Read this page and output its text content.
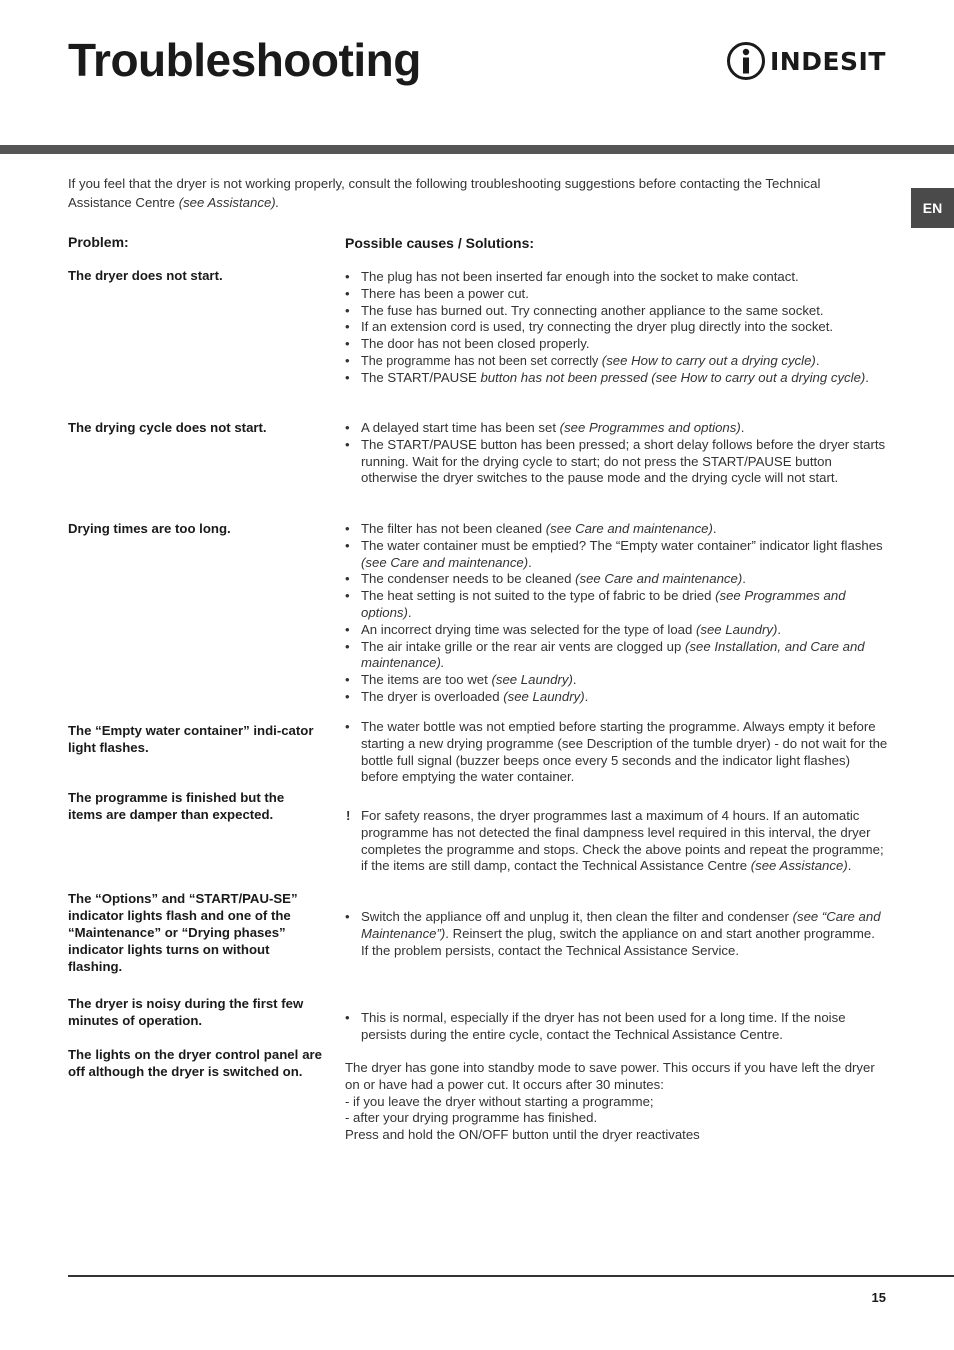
Troubleshooting	INDESIT
EN
If you feel that the dryer is not working properly, consult the following troubleshooting suggestions before contacting the Technical Assistance Centre (see Assistance).
Problem:	Possible causes / Solutions:
The dryer does not start.
The drying cycle does not start.
Drying times are too long.
The “Empty water container” indi-cator light flashes.
The programme is finished but the items are damper than expected.
The “Options” and “START/PAU-SE” indicator lights flash and one of the “Maintenance” or “Drying phases” indicator lights turns on without flashing.
The dryer is noisy during the first few minutes of operation.
The lights on the dryer control panel are off although the dryer is switched on.
• The plug has not been inserted far enough into the socket to make contact.
• There has been a power cut.
• The fuse has burned out. Try connecting another appliance to the same socket.
• If an extension cord is used, try connecting the dryer plug directly into the socket.
• The door has not been closed properly.
• The programme has not been set correctly (see How to carry out a drying cycle).
• The START/PAUSE button has not been pressed (see How to carry out a drying cycle).
• A delayed start time has been set (see Programmes and options).
• The START/PAUSE button has been pressed; a short delay follows before the dryer starts running. Wait for the drying cycle to start; do not press the START/PAUSE button otherwise the dryer switches to the pause mode and the drying cycle will not start.
• The filter has not been cleaned (see Care and maintenance).
• The water container must be emptied? The “Empty water container” indicator light flashes (see Care and maintenance).
• The condenser needs to be cleaned (see Care and maintenance).
• The heat setting is not suited to the type of fabric to be dried (see Programmes and options).
• An incorrect drying time was selected for the type of load (see Laundry).
• The air intake grille or the rear air vents are clogged up (see Installation, and Care and maintenance).
• The items are too wet (see Laundry).
• The dryer is overloaded (see Laundry).
• The water bottle was not emptied before starting the programme. Always empty it before starting a new drying programme (see Description of the tumble dryer) - do not wait for the bottle full signal (buzzer beeps once every 5 seconds and the indicator light flashes) before emptying the water container.
! For safety reasons, the dryer programmes last a maximum of 4 hours. If an automatic programme has not detected the final dampness level required in this interval, the dryer completes the programme and stops. Check the above points and repeat the programme; if the items are still damp, contact the Technical Assistance Centre (see Assistance).
• Switch the appliance off and unplug it, then clean the filter and condenser (see “Care and Maintenance”). Reinsert the plug, switch the appliance on and start another programme.
If the problem persists, contact the Technical Assistance Service.
• This is normal, especially if the dryer has not been used for a long time. If the noise persists during the entire cycle, contact the Technical Assistance Centre.
The dryer has gone into standby mode to save power. This occurs if you have left the dryer on or have had a power cut. It occurs after 30 minutes:
- if you leave the dryer without starting a programme;
- after your drying programme has finished.
Press and hold the ON/OFF button until the dryer reactivates
15
